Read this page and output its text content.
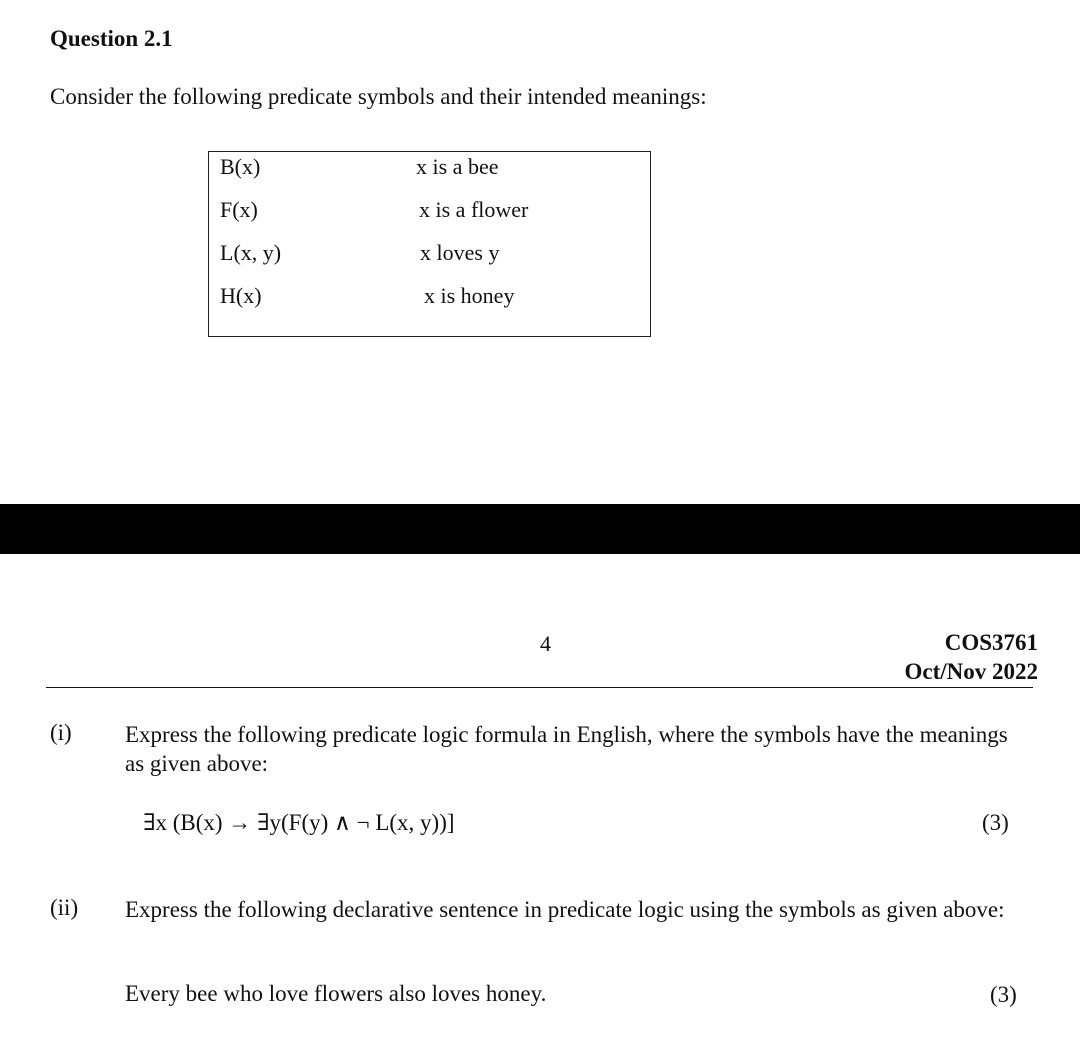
Question 2.1
Consider the following predicate symbols and their intended meanings:
B(x)	x is a bee
F(x)	x is a flower
L(x, y)	x loves y
H(x)	x is honey
4	COS3761
Oct/Nov 2022
(i) Express the following predicate logic formula in English, where the symbols have the meanings as given above:
∃x (B(x) → ∃y(F(y) ∧ ¬ L(x, y))]	(3)
(ii) Express the following declarative sentence in predicate logic using the symbols as given above:
Every bee who love flowers also loves honey.	(3)
